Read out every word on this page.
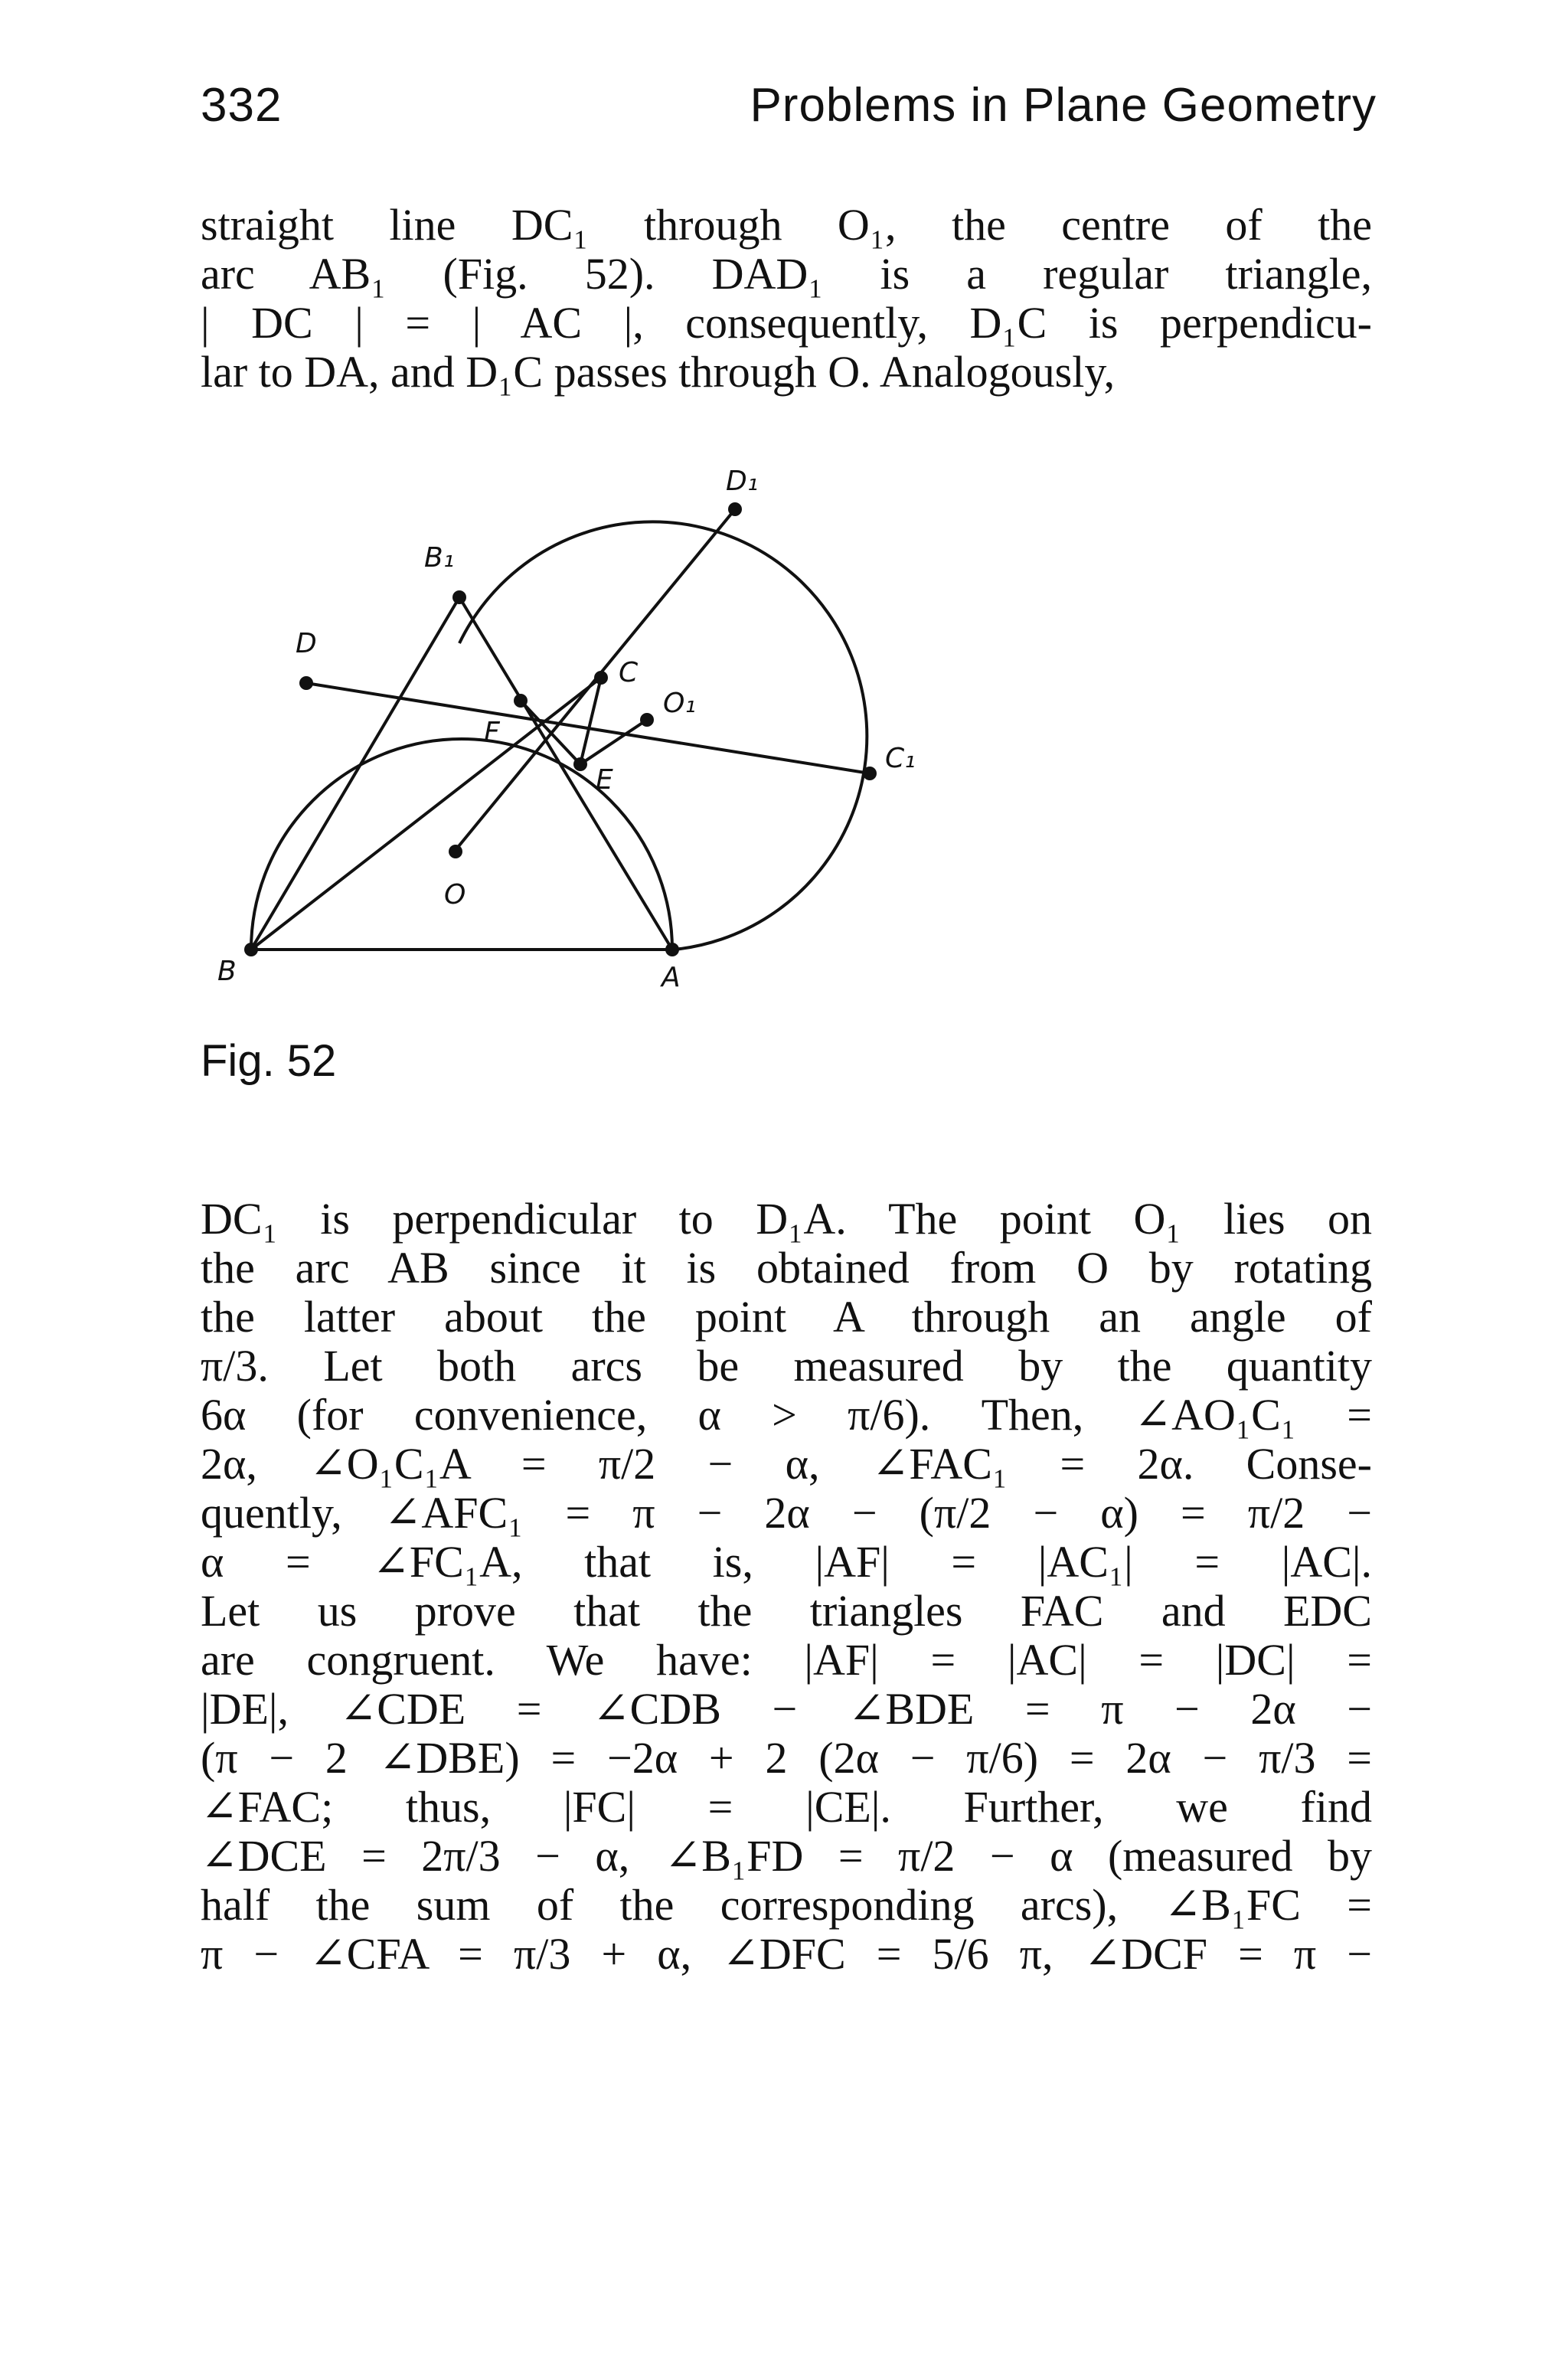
332	Problems in Plane Geometry
straight line DC₁ through O₁, the centre of the
arc AB₁ (Fig. 52). DAD₁ is a regular triangle,
| DC | = | AC |, consequently, D₁C is perpendicu-
lar to DA, and D₁C passes through O. Analogously,
D₁
B₁
D
C
O₁
F
E
C₁
O
B	A
Fig. 52
DC₁ is perpendicular to D₁A. The point O₁ lies on
the arc AB since it is obtained from O by rotating
the latter about the point A through an angle of
π/3. Let both arcs be measured by the quantity
6α (for convenience, α > π/6). Then, ∠AO₁C₁ =
2α, ∠O₁C₁A = π/2 − α, ∠FAC₁ = 2α. Conse-
quently, ∠AFC₁ = π − 2α − (π/2 − α) = π/2 −
α = ∠FC₁A, that is, |AF| = |AC₁| = |AC|.
Let us prove that the triangles FAC and EDC
are congruent. We have: |AF| = |AC| = |DC| =
|DE|, ∠CDE = ∠CDB − ∠BDE = π − 2α −
(π − 2 ∠DBE) = −2α + 2 (2α − π/6) = 2α − π/3 =
∠FAC; thus, |FC| = |CE|. Further, we find
∠DCE = 2π/3 − α, ∠B₁FD = π/2 − α (measured by
half the sum of the corresponding arcs), ∠B₁FC =
π − ∠CFA = π/3 + α, ∠DFC = 5/6 π, ∠DCF = π −
